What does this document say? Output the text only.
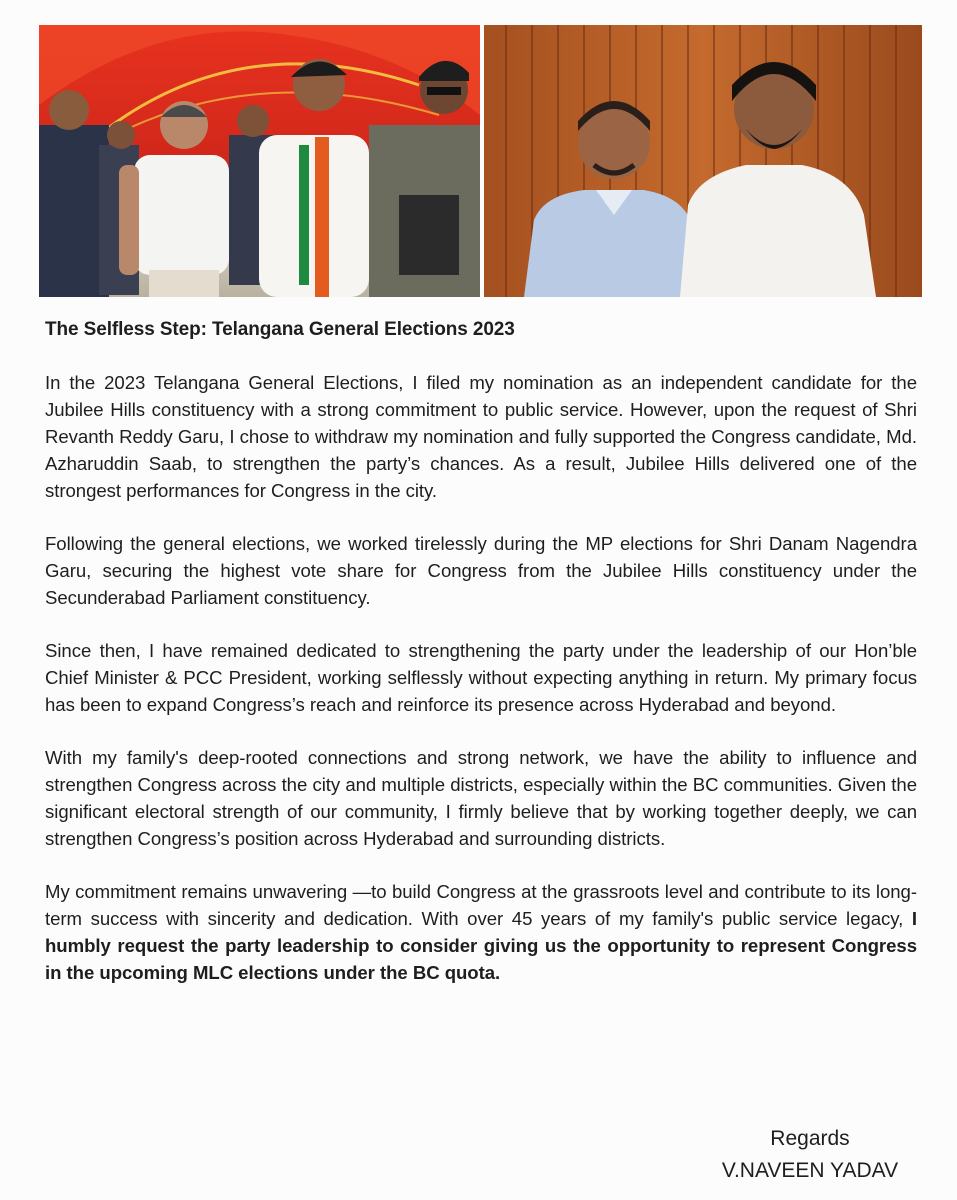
The Selfless Step: Telangana General Elections 2023

In the 2023 Telangana General Elections, I filed my nomination as an independent candidate for the Jubilee Hills constituency with a strong commitment to public service. However, upon the request of Shri Revanth Reddy Garu, I chose to withdraw my nomination and fully supported the Congress candidate, Md. Azharuddin Saab, to strengthen the party’s chances. As a result, Jubilee Hills delivered one of the strongest performances for Congress in the city.

Following the general elections, we worked tirelessly during the MP elections for Shri Danam Nagendra Garu, securing the highest vote share for Congress from the Jubilee Hills constituency under the Secunderabad Parliament constituency.

Since then, I have remained dedicated to strengthening the party under the leadership of our Hon’ble Chief Minister & PCC President, working selflessly without expecting anything in return. My primary focus has been to expand Congress’s reach and reinforce its presence across Hyderabad and beyond.

With my family's deep-rooted connections and strong network, we have the ability to influence and strengthen Congress across the city and multiple districts, especially within the BC communities. Given the significant electoral strength of our community, I firmly believe that by working together deeply, we can strengthen Congress’s position across Hyderabad and surrounding districts.

My commitment remains unwavering —to build Congress at the grassroots level and contribute to its long-term success with sincerity and dedication. With over 45 years of my family's public service legacy, I humbly request the party leadership to consider giving us the opportunity to represent Congress in the upcoming MLC elections under the BC quota.

Regards
V.NAVEEN YADAV
